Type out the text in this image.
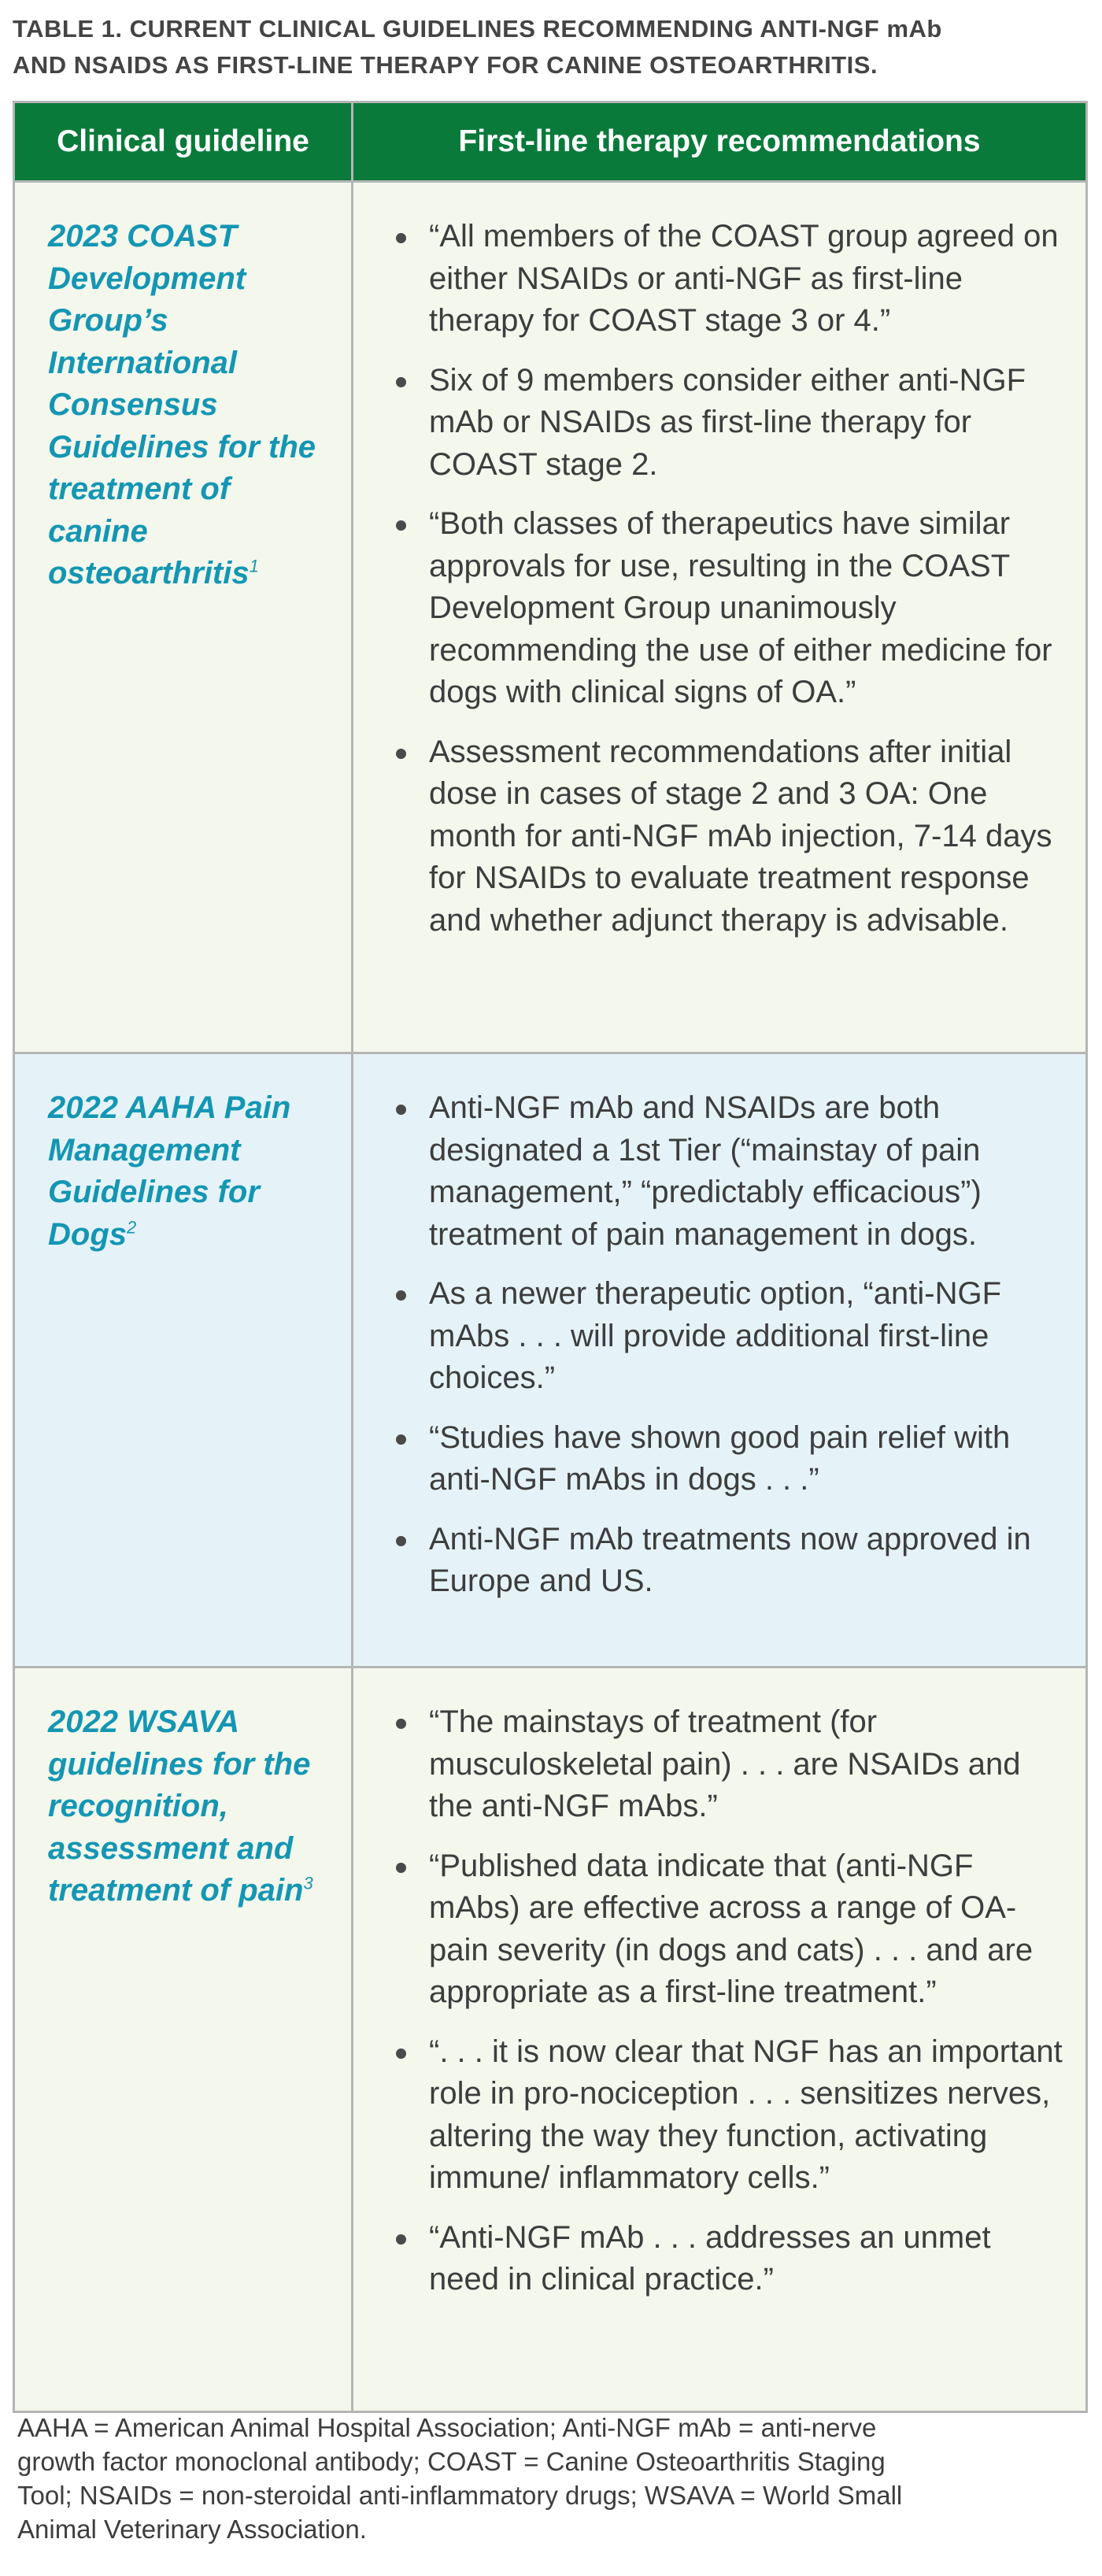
TABLE 1. CURRENT CLINICAL GUIDELINES RECOMMENDING ANTI-NGF mAb
AND NSAIDS AS FIRST-LINE THERAPY FOR CANINE OSTEOARTHRITIS.
Clinical guideline	First-line therapy recommendations

2023 COAST Development Group’s International Consensus Guidelines for the treatment of canine osteoarthritis$^1$

“All members of the COAST group agreed on either NSAIDs or anti-NGF as first-line therapy for COAST stage 3 or 4.”
Six of 9 members consider either anti-NGF mAb or NSAIDs as first-line therapy for COAST stage 2.
“Both classes of therapeutics have similar approvals for use, resulting in the COAST Development Group unanimously recommending the use of either medicine for dogs with clinical signs of OA.”
Assessment recommendations after initial dose in cases of stage 2 and 3 OA: One month for anti-NGF mAb injection, 7-14 days for NSAIDs to evaluate treatment response and whether adjunct therapy is advisable.

2022 AAHA Pain Management Guidelines for Dogs$^2$

Anti-NGF mAb and NSAIDs are both designated a 1st Tier (“mainstay of pain management,” “predictably efficacious”) treatment of pain management in dogs.
As a newer therapeutic option, “anti-NGF mAbs . . . will provide additional first-line choices.”
“Studies have shown good pain relief with anti-NGF mAbs in dogs . . .”
Anti-NGF mAb treatments now approved in Europe and US.

2022 WSAVA guidelines for the recognition, assessment and treatment of pain$^3$

“The mainstays of treatment (for musculoskeletal pain) . . . are NSAIDs and the anti-NGF mAbs.”
“Published data indicate that (anti-NGF mAbs) are effective across a range of OA-pain severity (in dogs and cats) . . . and are appropriate as a first-line treatment.”
“. . . it is now clear that NGF has an important role in pro-nociception . . . sensitizes nerves, altering the way they function, activating immune/ inflammatory cells.”
“Anti-NGF mAb . . . addresses an unmet need in clinical practice.”

AAHA = American Animal Hospital Association; Anti-NGF mAb = anti-nerve
growth factor monoclonal antibody; COAST = Canine Osteoarthritis Staging
Tool; NSAIDs = non-steroidal anti-inflammatory drugs; WSAVA = World Small
Animal Veterinary Association.
